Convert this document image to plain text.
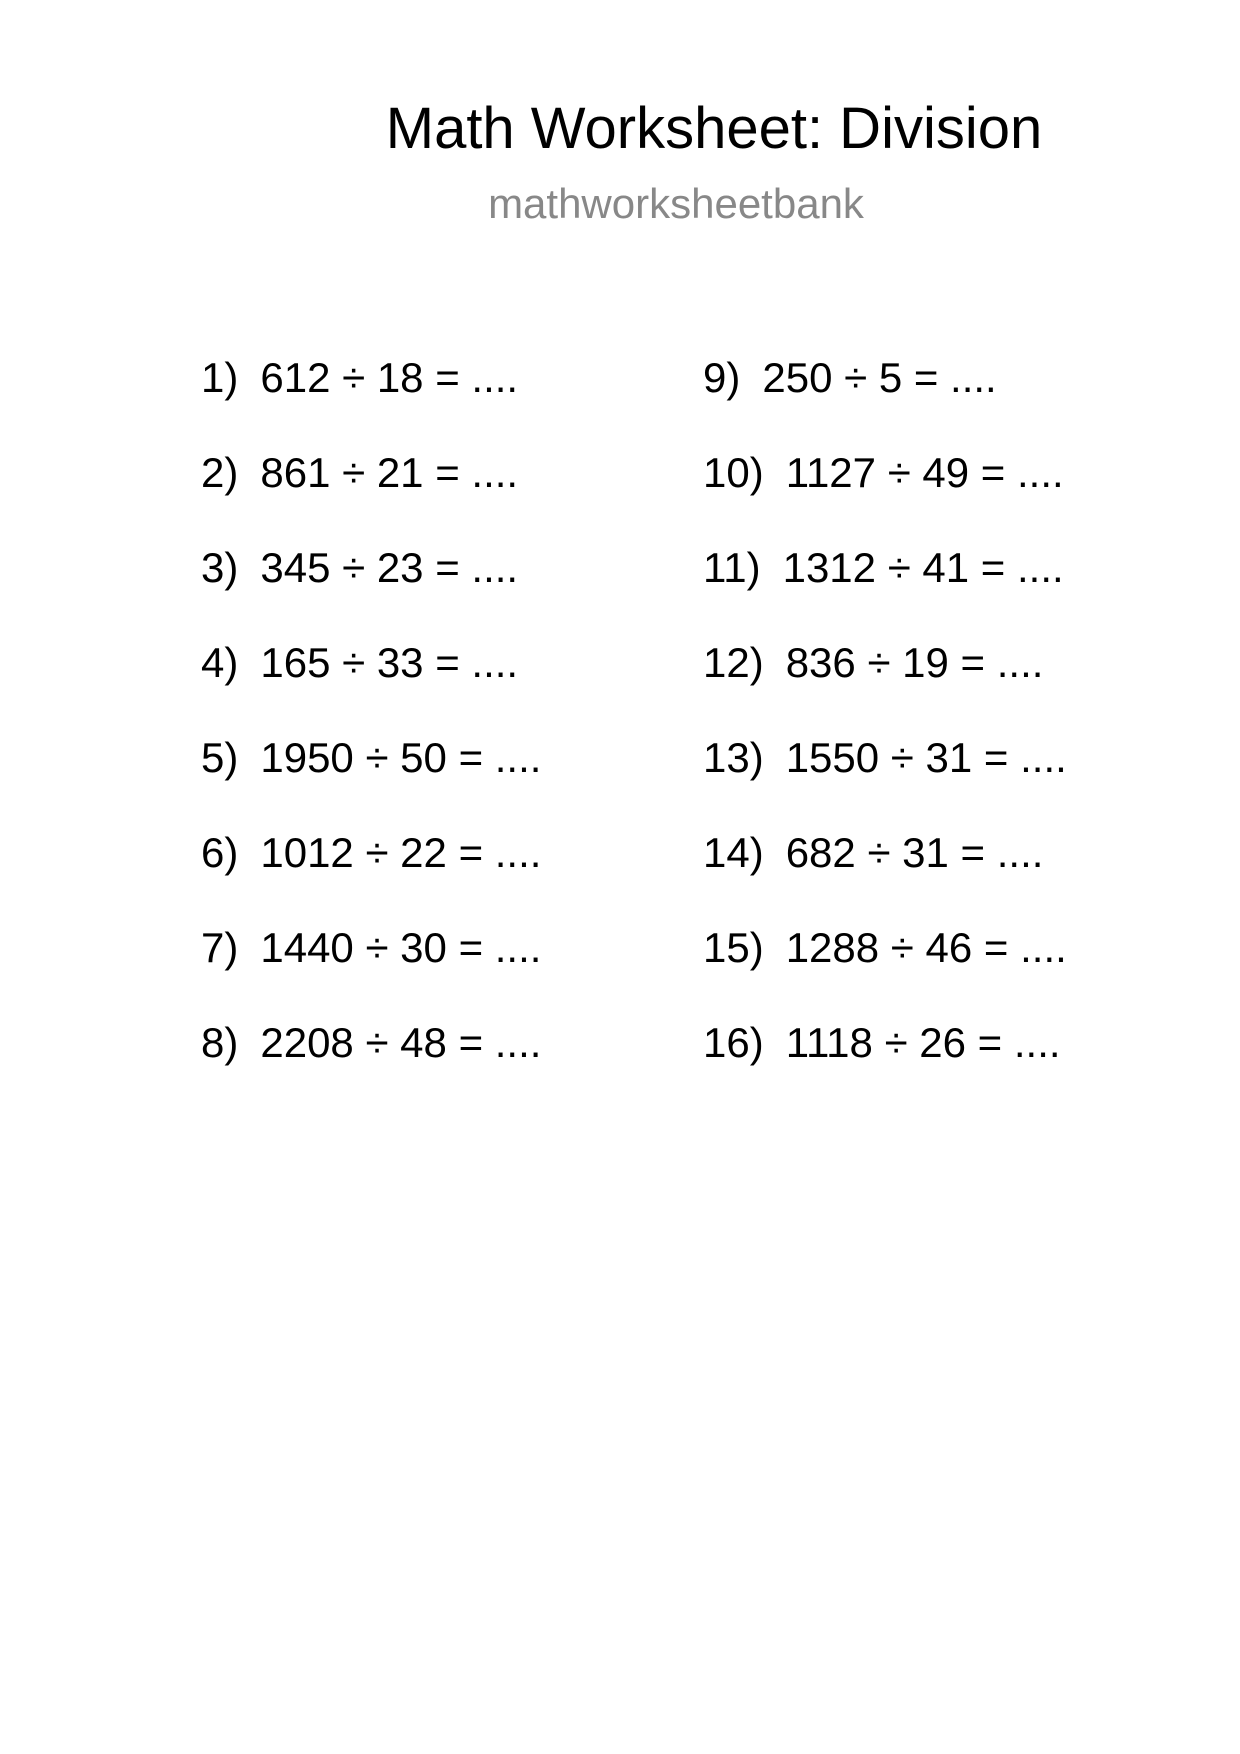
Math Worksheet: Division
mathworksheetbank
1) 612 ÷ 18 = ....
2) 861 ÷ 21 = ....
3) 345 ÷ 23 = ....
4) 165 ÷ 33 = ....
5) 1950 ÷ 50 = ....
6) 1012 ÷ 22 = ....
7) 1440 ÷ 30 = ....
8) 2208 ÷ 48 = ....
9) 250 ÷ 5 = ....
10) 1127 ÷ 49 = ....
11) 1312 ÷ 41 = ....
12) 836 ÷ 19 = ....
13) 1550 ÷ 31 = ....
14) 682 ÷ 31 = ....
15) 1288 ÷ 46 = ....
16) 1118 ÷ 26 = ....
